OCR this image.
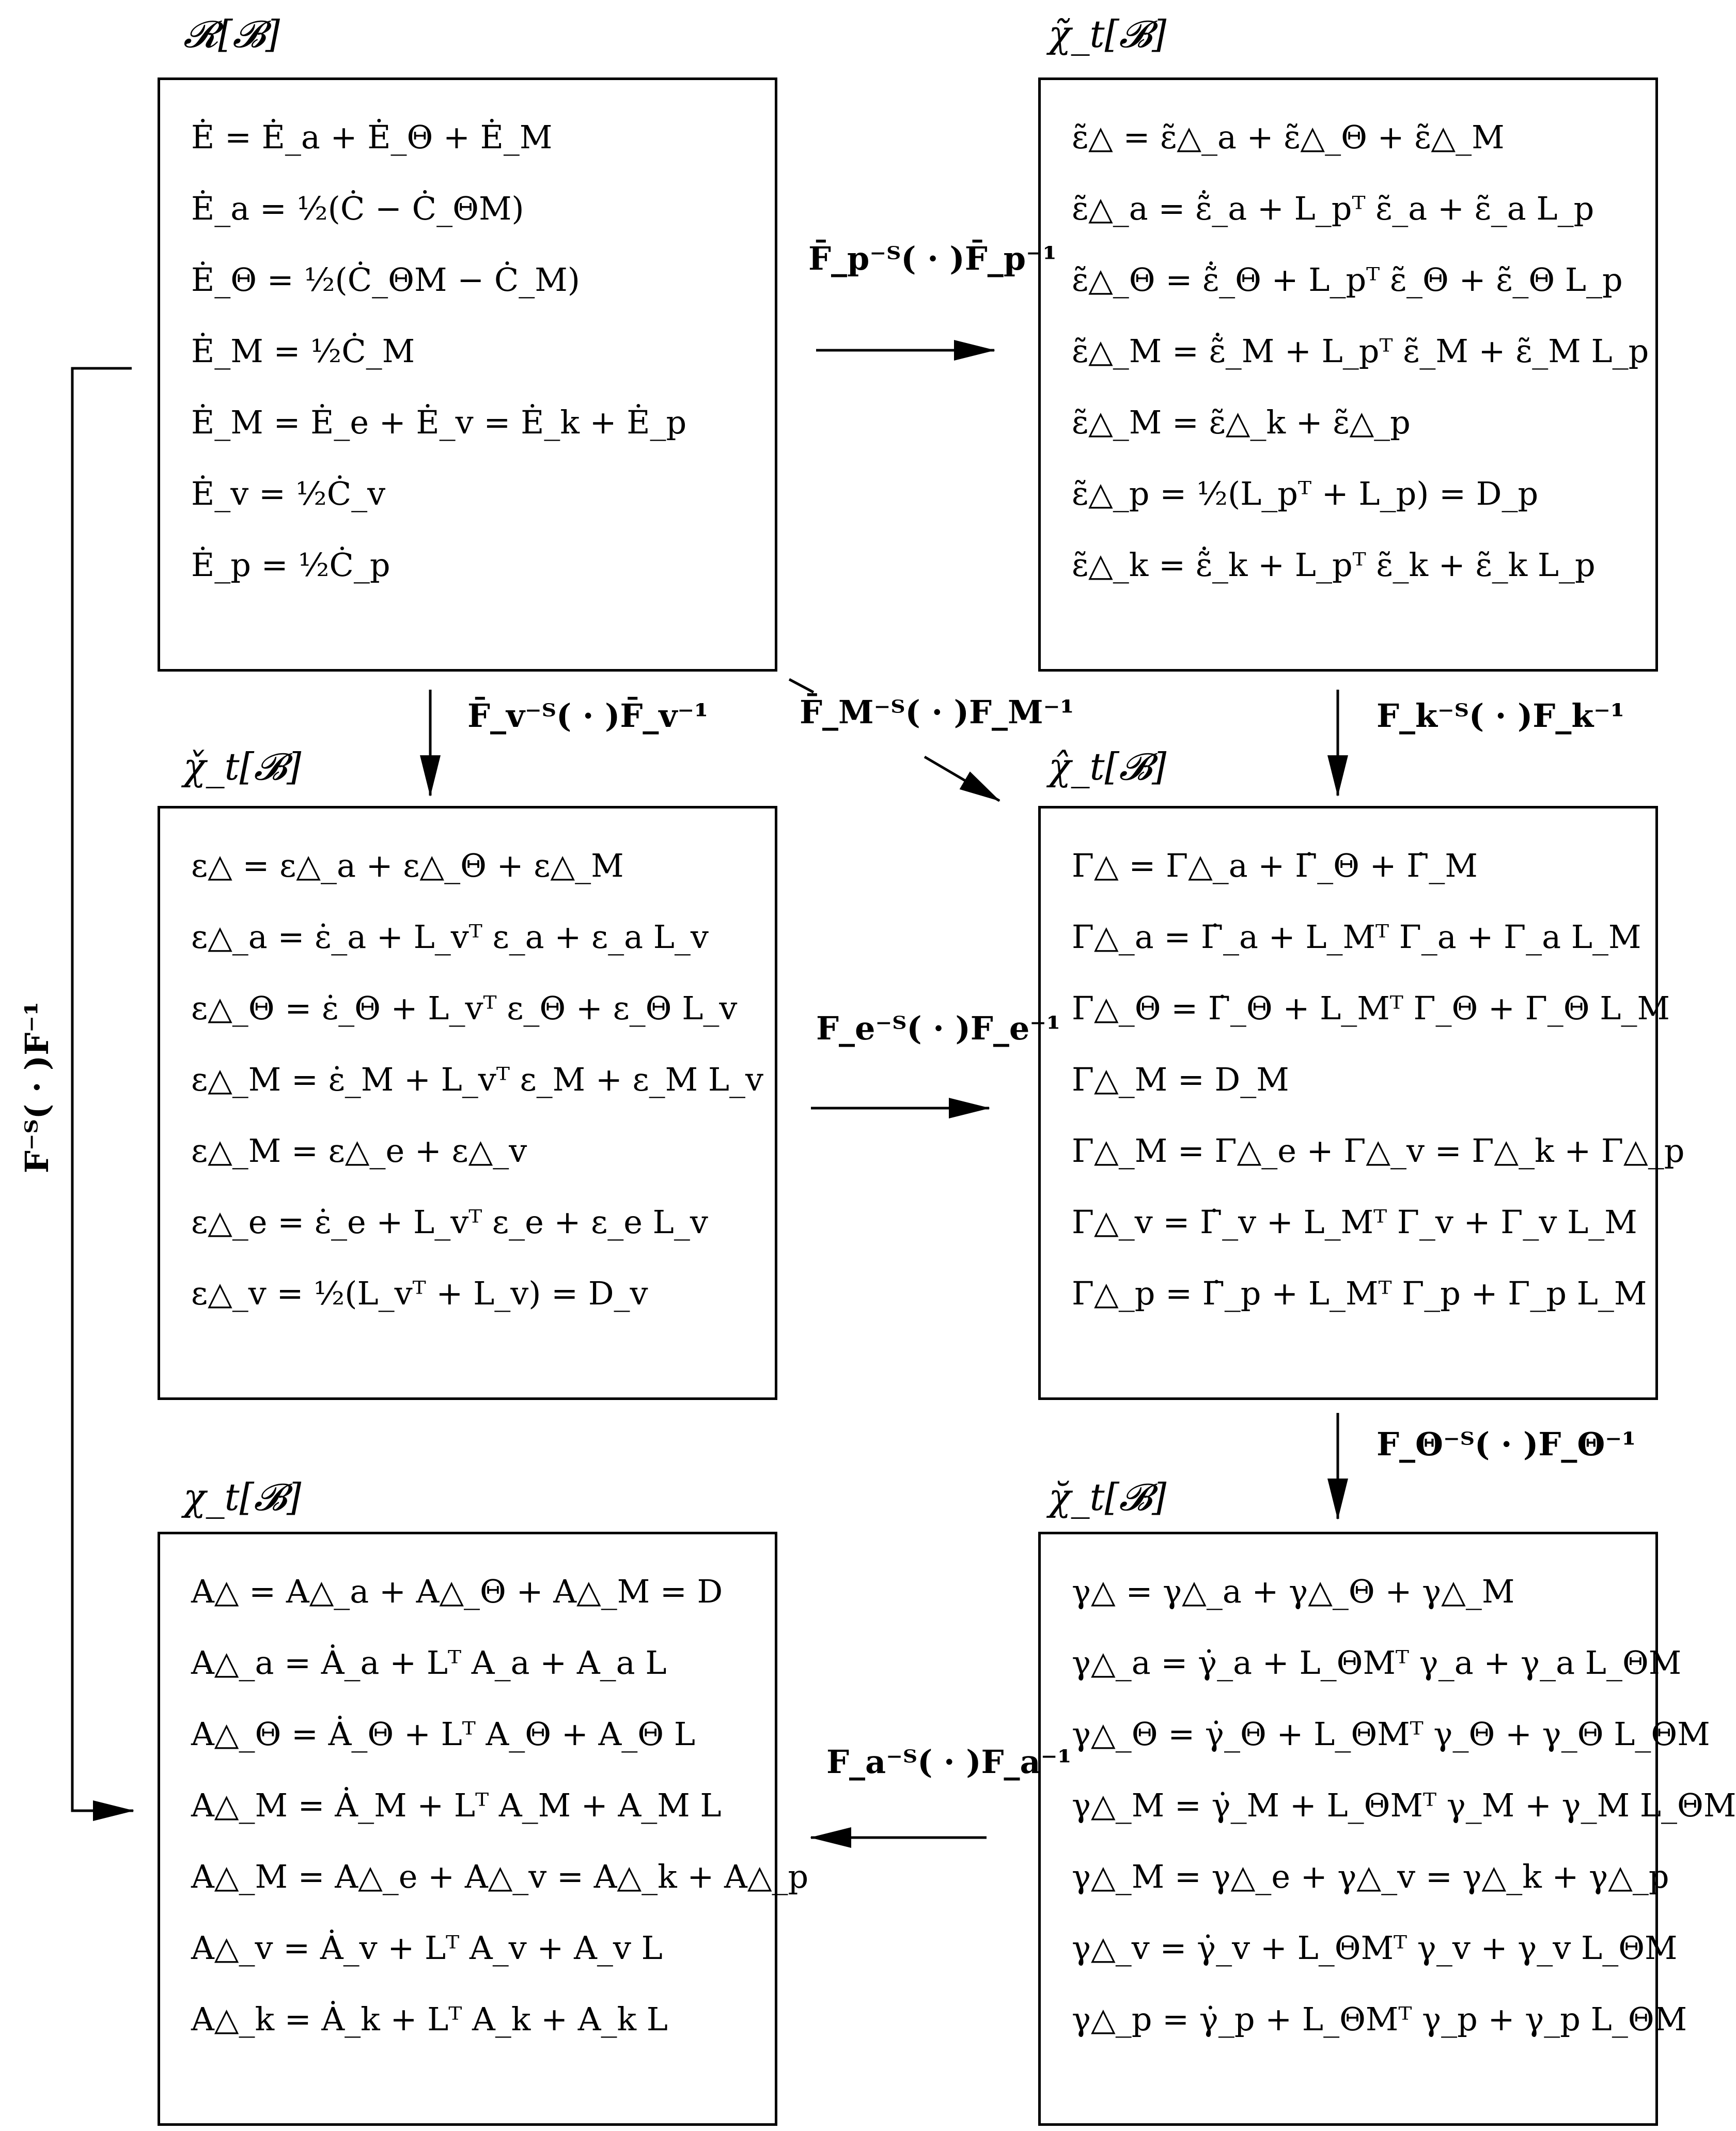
𝓡[𝓑]	χ̃_t[𝓑]
χ̌_t[𝓑]	χ̂_t[𝓑]
χ_t[𝓑]	χ̆_t[𝓑]
Ė = Ė_a + Ė_Θ + Ė_M
Ė_a = ½(Ċ − Ċ_ΘM)
Ė_Θ = ½(Ċ_ΘM − Ċ_M)
Ė_M = ½Ċ_M
Ė_M = Ė_e + Ė_v = Ė_k + Ė_p
Ė_v = ½Ċ_v
Ė_p = ½Ċ_p
ε̃△ = ε̃△_a + ε̃△_Θ + ε̃△_M
ε̃△_a = ε̃̇_a + L_pᵀ ε̃_a + ε̃_a L_p
ε̃△_Θ = ε̃̇_Θ + L_pᵀ ε̃_Θ + ε̃_Θ L_p
ε̃△_M = ε̃̇_M + L_pᵀ ε̃_M + ε̃_M L_p
ε̃△_M = ε̃△_k + ε̃△_p
ε̃△_p = ½(L_pᵀ + L_p) = D_p
ε̃△_k = ε̃̇_k + L_pᵀ ε̃_k + ε̃_k L_p
ε△ = ε△_a + ε△_Θ + ε△_M
ε△_a = ε̇_a + L_vᵀ ε_a + ε_a L_v
ε△_Θ = ε̇_Θ + L_vᵀ ε_Θ + ε_Θ L_v
ε△_M = ε̇_M + L_vᵀ ε_M + ε_M L_v
ε△_M = ε△_e + ε△_v
ε△_e = ε̇_e + L_vᵀ ε_e + ε_e L_v
ε△_v = ½(L_vᵀ + L_v) = D_v
Γ△ = Γ△_a + Γ̇_Θ + Γ̇_M
Γ△_a = Γ̇_a + L_Mᵀ Γ_a + Γ_a L_M
Γ△_Θ = Γ̇_Θ + L_Mᵀ Γ_Θ + Γ_Θ L_M
Γ△_M = D_M
Γ△_M = Γ△_e + Γ△_v = Γ△_k + Γ△_p
Γ△_v = Γ̇_v + L_Mᵀ Γ_v + Γ_v L_M
Γ△_p = Γ̇_p + L_Mᵀ Γ_p + Γ_p L_M
A△ = A△_a + A△_Θ + A△_M = D
A△_a = Ȧ_a + Lᵀ A_a + A_a L
A△_Θ = Ȧ_Θ + Lᵀ A_Θ + A_Θ L
A△_M = Ȧ_M + Lᵀ A_M + A_M L
A△_M = A△_e + A△_v = A△_k + A△_p
A△_v = Ȧ_v + Lᵀ A_v + A_v L
A△_k = Ȧ_k + Lᵀ A_k + A_k L
γ△ = γ△_a + γ△_Θ + γ△_M
γ△_a = γ̇_a + L_ΘMᵀ γ_a + γ_a L_ΘM
γ△_Θ = γ̇_Θ + L_ΘMᵀ γ_Θ + γ_Θ L_ΘM
γ△_M = γ̇_M + L_ΘMᵀ γ_M + γ_M L_ΘM
γ△_M = γ△_e + γ△_v = γ△_k + γ△_p
γ△_v = γ̇_v + L_ΘMᵀ γ_v + γ_v L_ΘM
γ△_p = γ̇_p + L_ΘMᵀ γ_p + γ_p L_ΘM
F̄_p⁻ᵀ( · )F̄_p⁻¹
F̄_v⁻ᵀ( · )F̄_v⁻¹	F̄_M⁻ᵀ( · )F_M⁻¹	F_k⁻ᵀ( · )F_k⁻¹
F_e⁻ᵀ( · )F_e⁻¹
F_Θ⁻ᵀ( · )F_Θ⁻¹
F_a⁻ᵀ( · )F_a⁻¹
F⁻ᵀ( · )F⁻¹
